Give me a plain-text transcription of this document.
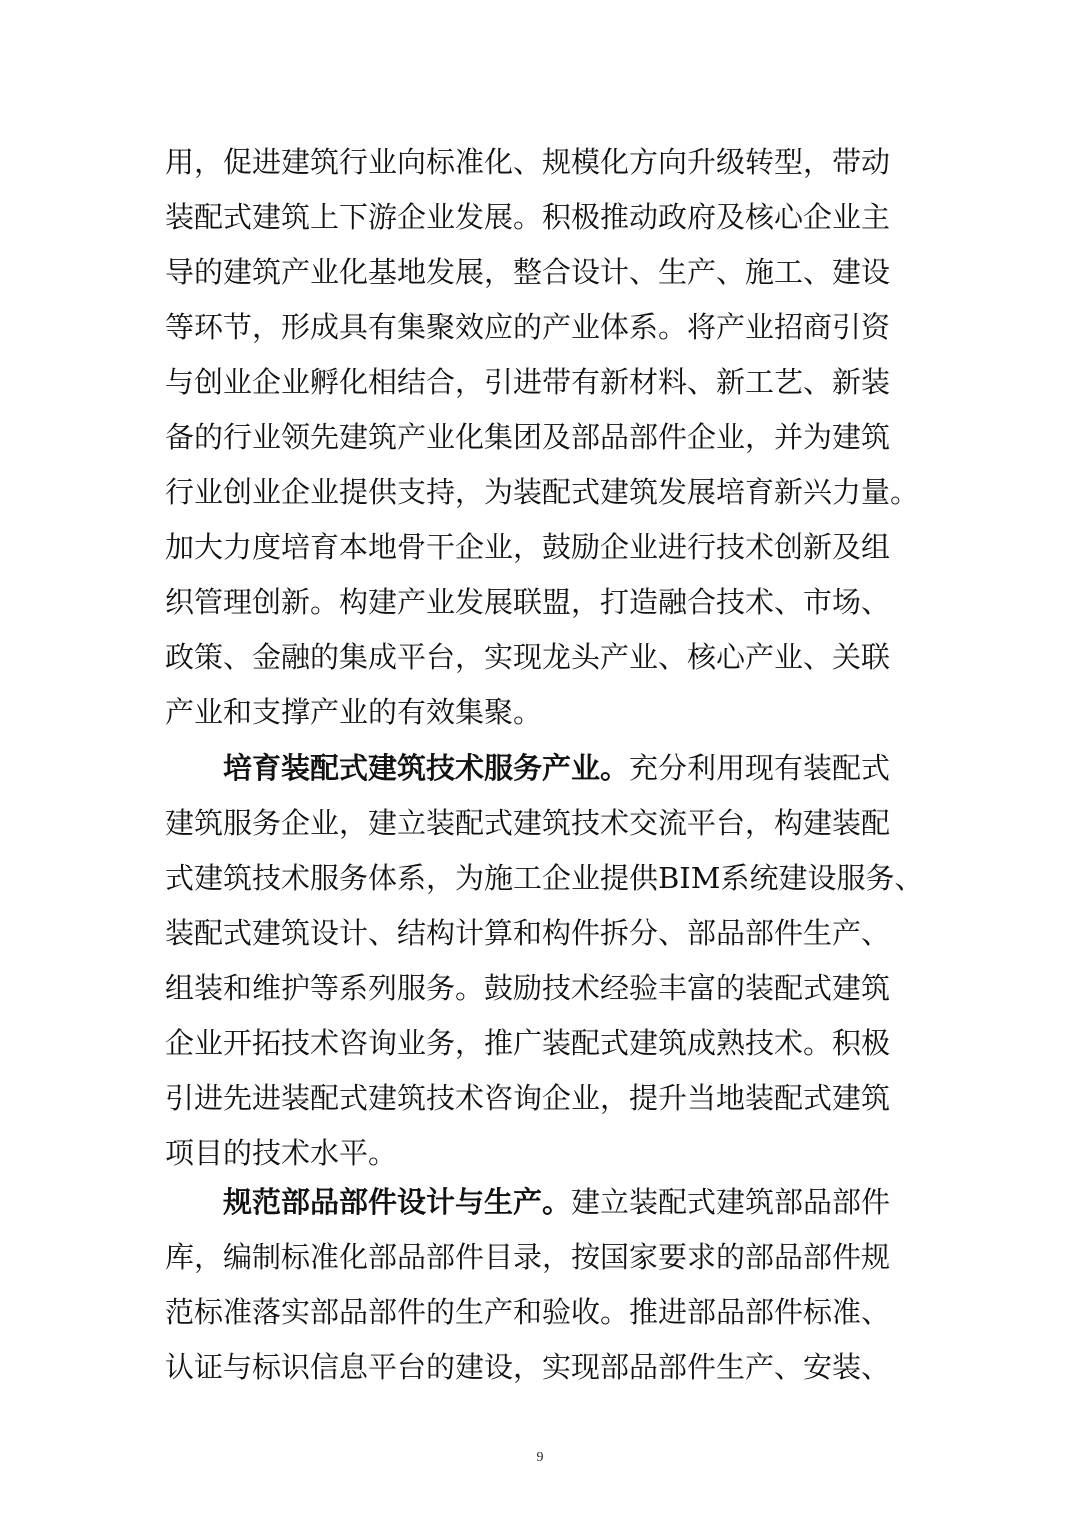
用，促进建筑行业向标准化、规模化方向升级转型，带动
装配式建筑上下游企业发展。积极推动政府及核心企业主
导的建筑产业化基地发展，整合设计、生产、施工、建设
等环节，形成具有集聚效应的产业体系。将产业招商引资
与创业企业孵化相结合，引进带有新材料、新工艺、新装
备的行业领先建筑产业化集团及部品部件企业，并为建筑
行业创业企业提供支持，为装配式建筑发展培育新兴力量。
加大力度培育本地骨干企业，鼓励企业进行技术创新及组
织管理创新。构建产业发展联盟，打造融合技术、市场、
政策、金融的集成平台，实现龙头产业、核心产业、关联
产业和支撑产业的有效集聚。
培育装配式建筑技术服务产业。充分利用现有装配式
建筑服务企业，建立装配式建筑技术交流平台，构建装配
式建筑技术服务体系，为施工企业提供BIM系统建设服务、
装配式建筑设计、结构计算和构件拆分、部品部件生产、
组装和维护等系列服务。鼓励技术经验丰富的装配式建筑
企业开拓技术咨询业务，推广装配式建筑成熟技术。积极
引进先进装配式建筑技术咨询企业，提升当地装配式建筑
项目的技术水平。
规范部品部件设计与生产。建立装配式建筑部品部件
库，编制标准化部品部件目录，按国家要求的部品部件规
范标准落实部品部件的生产和验收。推进部品部件标准、
认证与标识信息平台的建设，实现部品部件生产、安装、
9
